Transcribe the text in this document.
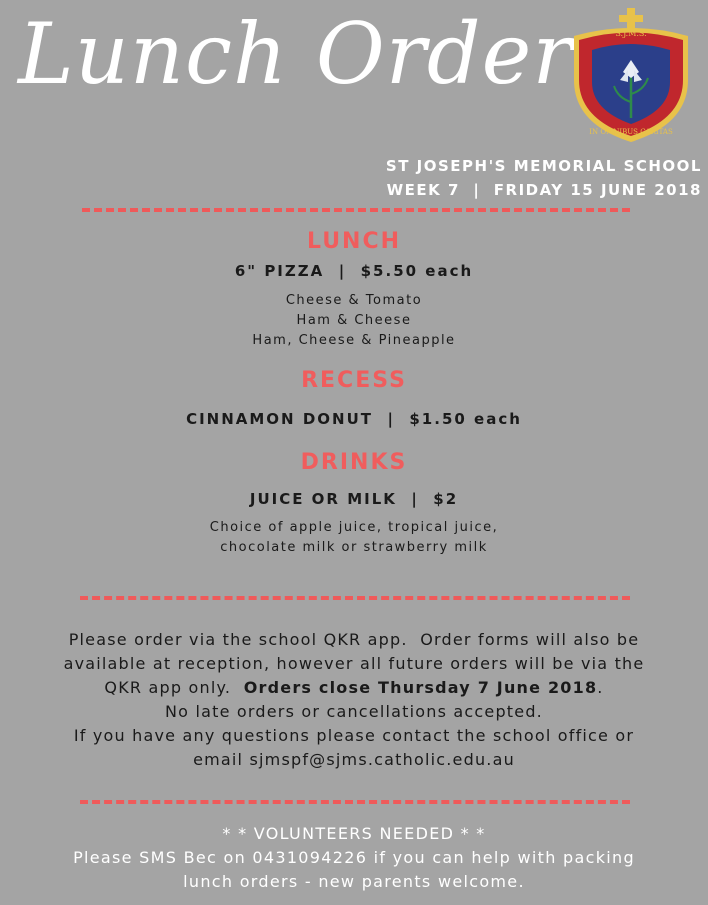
Lunch Order	S.J.M.S.
IN OMNIBUS CARITAS
ST JOSEPH'S MEMORIAL SCHOOL
WEEK 7  |  FRIDAY 15 JUNE 2018
LUNCH
6" PIZZA  |  $5.50 each
Cheese & Tomato
Ham & Cheese
Ham, Cheese & Pineapple
RECESS
CINNAMON DONUT  |  $1.50 each
DRINKS
JUICE OR MILK  |  $2
Choice of apple juice, tropical juice,
chocolate milk or strawberry milk
Please order via the school QKR app.  Order forms will also be
available at reception, however all future orders will be via the
QKR app only.  Orders close Thursday 7 June 2018.
No late orders or cancellations accepted.
If you have any questions please contact the school office or
email sjmspf@sjms.catholic.edu.au
* * VOLUNTEERS NEEDED * *
Please SMS Bec on 0431094226 if you can help with packing
lunch orders - new parents welcome.
